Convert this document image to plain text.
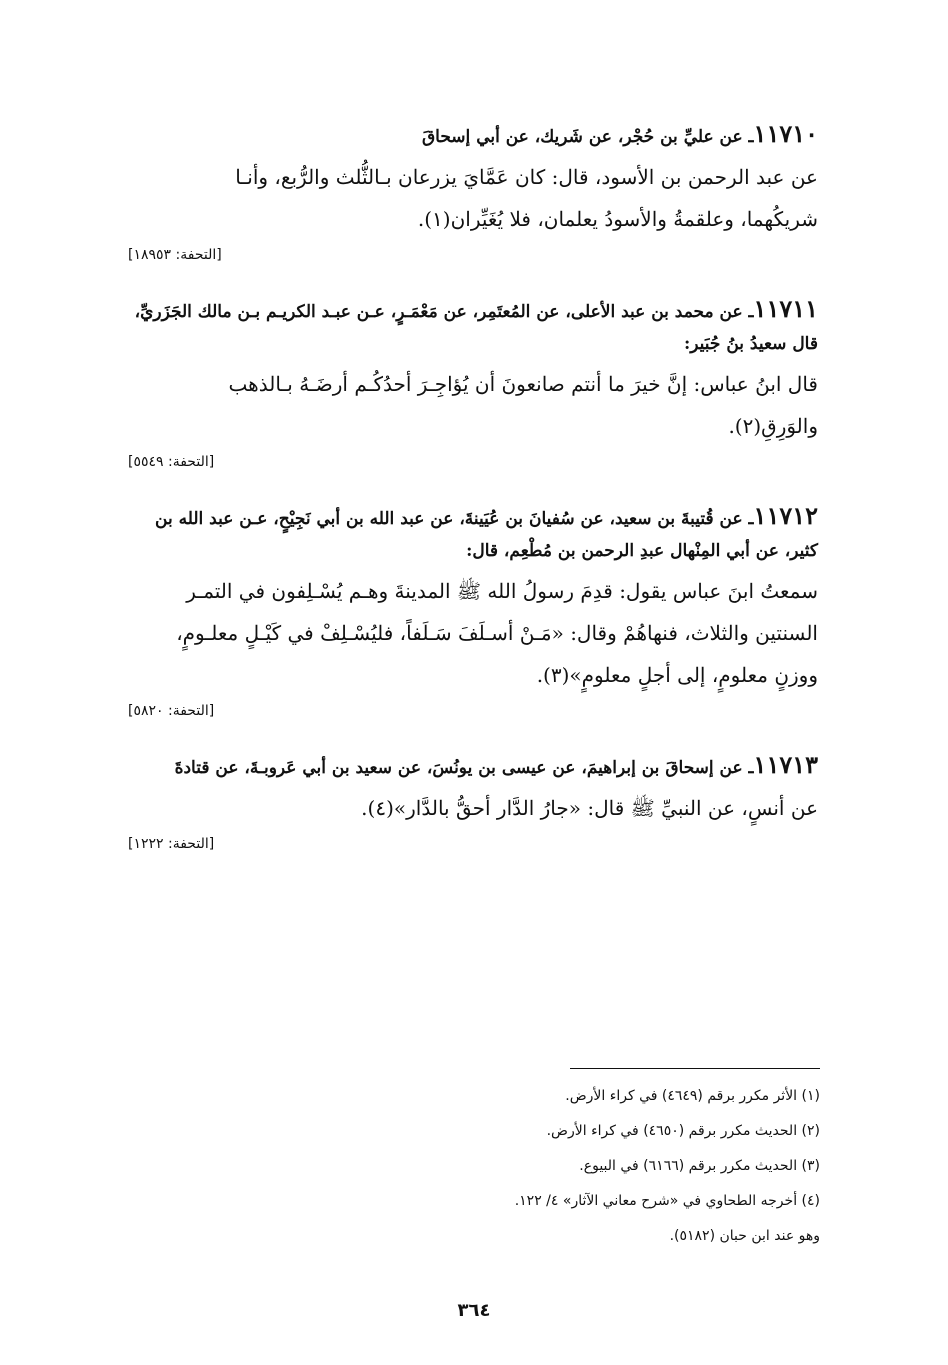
١١٧١٠ـ عن عليِّ بن حُجْر، عن شَريك، عن أبي إسحاقَ
عن عبد الرحمن بن الأسود، قال: كان عَمَّايَ يزرعان بـالثُّلث والرُّبع، وأنـا
شريكُهما، وعلقمةُ والأسودُ يعلمان، فلا يُغَيِّران(١).
[التحفة: ١٨٩٥٣]
١١٧١١ـ عن محمد بن عبد الأعلى، عن المُعتَمِر، عن مَعْمَـرٍ، عـن عبـد الكريـم بـن مالك الجَزَريِّ، قال سعيدُ بنُ جُبَير:
قال ابنُ عباس: إنَّ خيرَ ما أنتم صانعونَ أن يُؤاجِـرَ أحدُكُـم أرضَـهُ بـالذهب
والوَرِقِ(٢).
[التحفة: ٥٥٤٩]
١١٧١٢ـ عن قُتيبةَ بن سعيد، عن سُفيانَ بن عُيَينةَ، عن عبد الله بن أبي نَجِيْحٍ، عـن عبد الله بن كثير، عن أبي المِنْهال عبدِ الرحمن بن مُطْعِم، قال:
سمعتُ ابنَ عباس يقول: قدِمَ رسولُ الله ﷺ المدينةَ وهـم يُسْـلِفون في التمـر
السنتين والثلاث، فنهاهُمْ وقال: «مَـنْ أسـلَفَ سَـلَفاً، فليُسْـلِفْ في كَيْـلٍ معلـومٍ،
ووزنٍ معلومٍ، إلى أجلٍ معلومٍ»(٣).
[التحفة: ٥٨٢٠]
١١٧١٣ـ عن إسحاقَ بن إبراهيمَ، عن عيسى بن يونُسَ، عن سعيد بن أبي عَروبـةَ، عن قتادةَ
عن أنسٍ، عن النبيِّ ﷺ قال: «جارُ الدَّار أحقُّ بالدَّار»(٤).
[التحفة: ١٢٢٢]
(١) الأثر مكرر برقم (٤٦٤٩) في كراء الأرض.
(٢) الحديث مكرر برقم (٤٦٥٠) في كراء الأرض.
(٣) الحديث مكرر برقم (٦١٦٦) في البيوع.
(٤) أخرجه الطحاوي في «شرح معاني الآثار» ٤/ ١٢٢.
وهو عند ابن حبان (٥١٨٢).
٣٦٤
